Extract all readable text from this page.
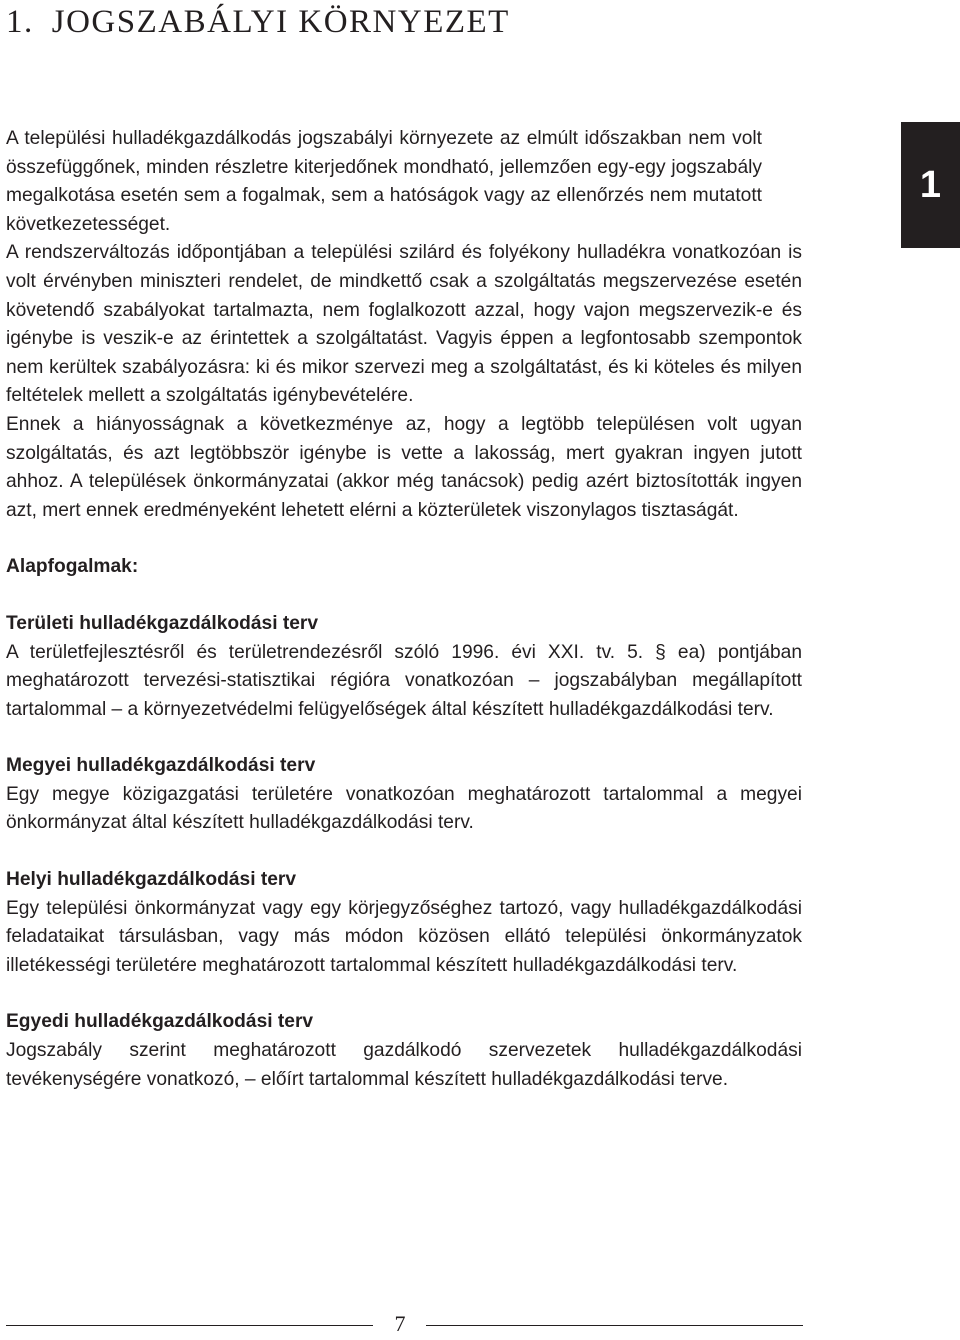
1. JOGSZABÁLYI KÖRNYEZET
1

A települési hulladékgazdálkodás jogszabályi környezete az elmúlt időszakban nem volt összefüggőnek, minden részletre kiterjedőnek mondható, jellemzően egy-egy jogszabály megalkotása esetén sem a fogalmak, sem a hatóságok vagy az ellenőrzés nem mutatott következetességet.

A rendszerváltozás időpontjában a települési szilárd és folyékony hulladékra vonatkozóan is volt érvényben miniszteri rendelet, de mindkettő csak a szolgáltatás megszervezése esetén követendő szabályokat tartalmazta, nem foglalkozott azzal, hogy vajon megszervezik-e és igénybe is veszik-e az érintettek a szolgáltatást. Vagyis éppen a legfontosabb szempontok nem kerültek szabályozásra: ki és mikor szervezi meg a szolgáltatást, és ki köteles és milyen feltételek mellett a szolgáltatás igénybevételére.

Ennek a hiányosságnak a következménye az, hogy a legtöbb településen volt ugyan szolgáltatás, és azt legtöbbször igénybe is vette a lakosság, mert gyakran ingyen jutott ahhoz. A települések önkormányzatai (akkor még tanácsok) pedig azért biztosították ingyen azt, mert ennek eredményeként lehetett elérni a közterületek viszonylagos tisztaságát.

Alapfogalmak:
Területi hulladékgazdálkodási terv

A területfejlesztésről és területrendezésről szóló 1996. évi XXI. tv. 5. § ea) pontjában meghatározott tervezési-statisztikai régióra vonatkozóan – jogszabályban megállapított tartalommal – a környezetvédelmi felügyelőségek által készített hulladékgazdálkodási terv.

Megyei hulladékgazdálkodási terv

Egy megye közigazgatási területére vonatkozóan meghatározott tartalommal a megyei önkormányzat által készített hulladékgazdálkodási terv.

Helyi hulladékgazdálkodási terv

Egy települési önkormányzat vagy egy körjegyzőséghez tartozó, vagy hulladékgazdálkodási feladataikat társulásban, vagy más módon közösen ellátó települési önkormányzatok illetékességi területére meghatározott tartalommal készített hulladékgazdálkodási terv.

Egyedi hulladékgazdálkodási terv

Jogszabály szerint meghatározott gazdálkodó szervezetek hulladékgazdálkodási tevékenységére vonatkozó, – előírt tartalommal készített hulladékgazdálkodási terve.

7
